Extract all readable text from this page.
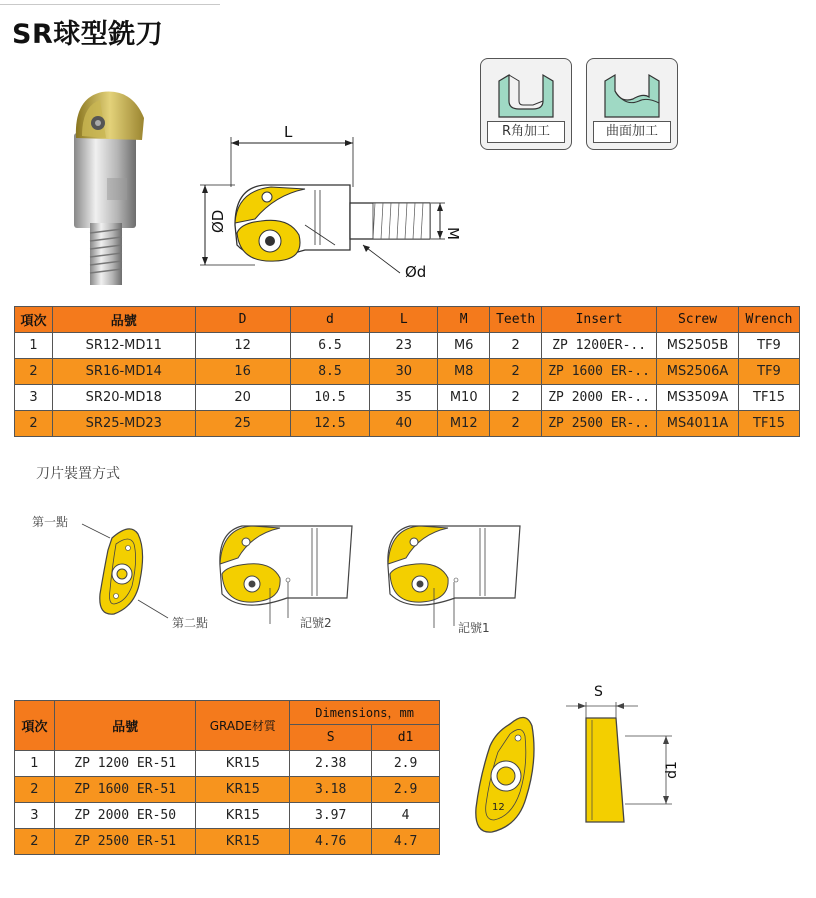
SR球型銑刀
L
ØD
M
Ød
R角加工	曲面加工
項次	品號	D	d	L	M	Teeth	Insert	Screw	Wrench
1	SR12-MD11	12	6.5	23	M6	2	ZP 1200ER-..	MS2505B	TF9
2	SR16-MD14	16	8.5	30	M8	2	ZP 1600 ER-..	MS2506A	TF9
3	SR20-MD18	20	10.5	35	M10	2	ZP 2000 ER-..	MS3509A	TF15
2	SR25-MD23	25	12.5	40	M12	2	ZP 2500 ER-..	MS4011A	TF15
刀片裝置方式
第一點
第二點	記號2	記號1
項次	品號	GRADE材質	Dimensions，mm	
			S	d1
1	ZP 1200 ER-51	KR15	2.38	2.9
2	ZP 1600 ER-51	KR15	3.18	2.9
3	ZP 2000 ER-50	KR15	3.97	4
2	ZP 2500 ER-51	KR15	4.76	4.7
12
S
d1
